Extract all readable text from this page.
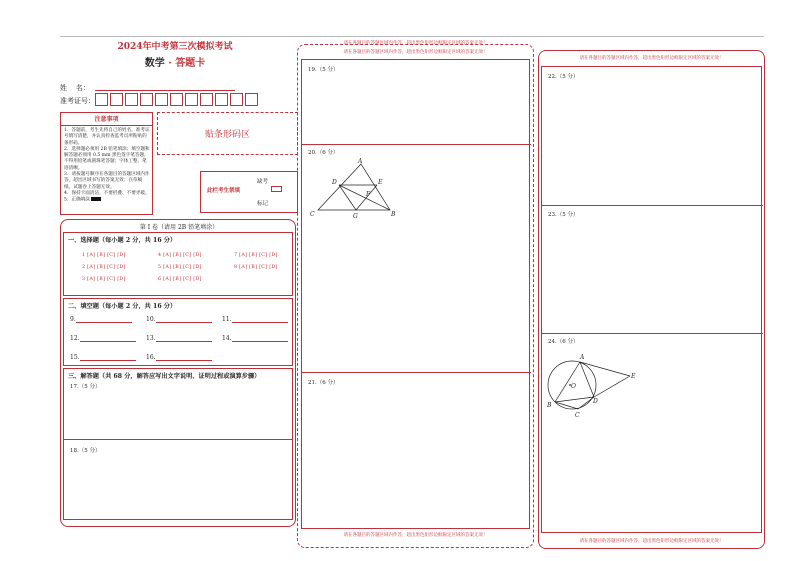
2024年中考第三次模拟考试
数学 · 答题卡
姓    名：
准考证号：
注意事项
1．答题前，考生先将自己的姓名，准考证号填写清楚，并认真检查监考员所粘贴的条形码。
2．选择题必须用 2B 铅笔填涂；填空题和解答题必须用 0.5 mm 黑色签字笔答题，不得用铅笔或圆珠笔答题；字体工整、笔迹清晰。
3．请按题号顺序在各题目的答题区域内作答，超出区域书写的答案无效；在草稿纸、试题卷上答题无效。
4．保持卡面清洁，不要折叠、不要弄破。
5．正确填涂
贴条形码区
此栏考生禁填
缺考
标记
第 I 卷（请用 2B 铅笔填涂）
一、选择题（每小题 2 分，共 16 分）
1 [A] [B] [C] [D]	4 [A] [B] [C] [D]	7 [A] [B] [C] [D]
2 [A] [B] [C] [D]	5 [A] [B] [C] [D]	8 [A] [B] [C] [D]
3 [A] [B] [C] [D]	6 [A] [B] [C] [D]
二、填空题（每小题 2 分，共 16 分）
9.	10.	11.
12.	13.	14.
15.	16.
三、解答题（共 68 分，解答应写出文字说明、证明过程或演算步骤）
17.（5 分）
18.（5 分）
请在各题目的答题区域内作答，超出黑色矩形边框限定区域的答案无效！
请在各题目的答题区域内作答，超出黑色矩形边框限定区域的答案无效！
19.（5 分）
20.（6 分）
A
D	E
F
C	G	B
21.（6 分）
请在各题目的答题区域内作答，超出黑色矩形边框限定区域的答案无效！
请在各题目的答题区域内作答，超出黑色矩形边框限定区域的答案无效！
22.（5 分）
23.（5 分）
24.（6 分）
A
O
E
B
D
C
请在各题目的答题区域内作答，超出黑色矩形边框限定区域的答案无效！
